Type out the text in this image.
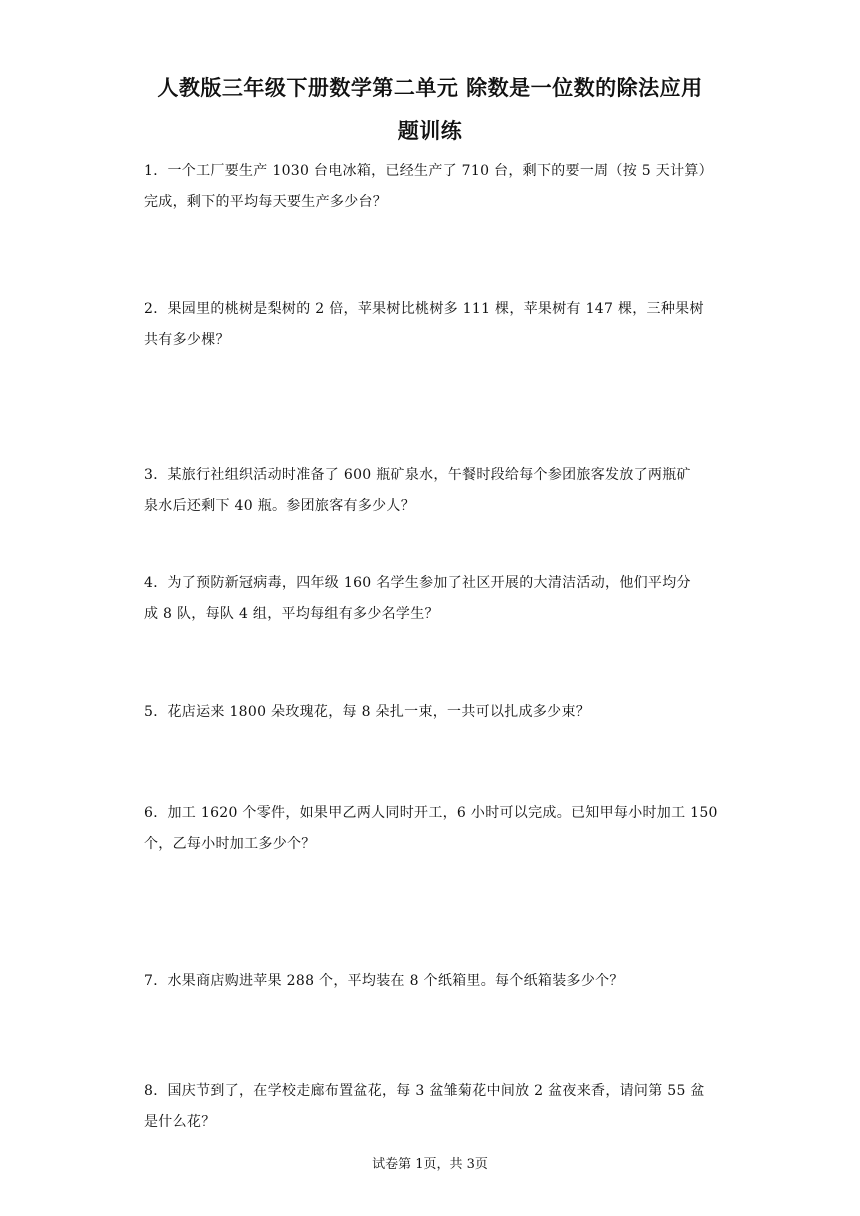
人教版三年级下册数学第二单元 除数是一位数的除法应用
题训练
1．一个工厂要生产 1030 台电冰箱，已经生产了 710 台，剩下的要一周（按 5 天计算）
完成，剩下的平均每天要生产多少台？
2．果园里的桃树是梨树的 2 倍，苹果树比桃树多 111 棵，苹果树有 147 棵，三种果树
共有多少棵？
3．某旅行社组织活动时准备了 600 瓶矿泉水，午餐时段给每个参团旅客发放了两瓶矿
泉水后还剩下 40 瓶。参团旅客有多少人？
4．为了预防新冠病毒，四年级 160 名学生参加了社区开展的大清洁活动，他们平均分
成 8 队，每队 4 组，平均每组有多少名学生？
5．花店运来 1800 朵玫瑰花，每 8 朵扎一束，一共可以扎成多少束？
6．加工 1620 个零件，如果甲乙两人同时开工，6 小时可以完成。已知甲每小时加工 150
个，乙每小时加工多少个？
7．水果商店购进苹果 288 个，平均装在 8 个纸箱里。每个纸箱装多少个？
8．国庆节到了，在学校走廊布置盆花，每 3 盆雏菊花中间放 2 盆夜来香，请问第 55 盆
是什么花？
试卷第 1页，共 3页
